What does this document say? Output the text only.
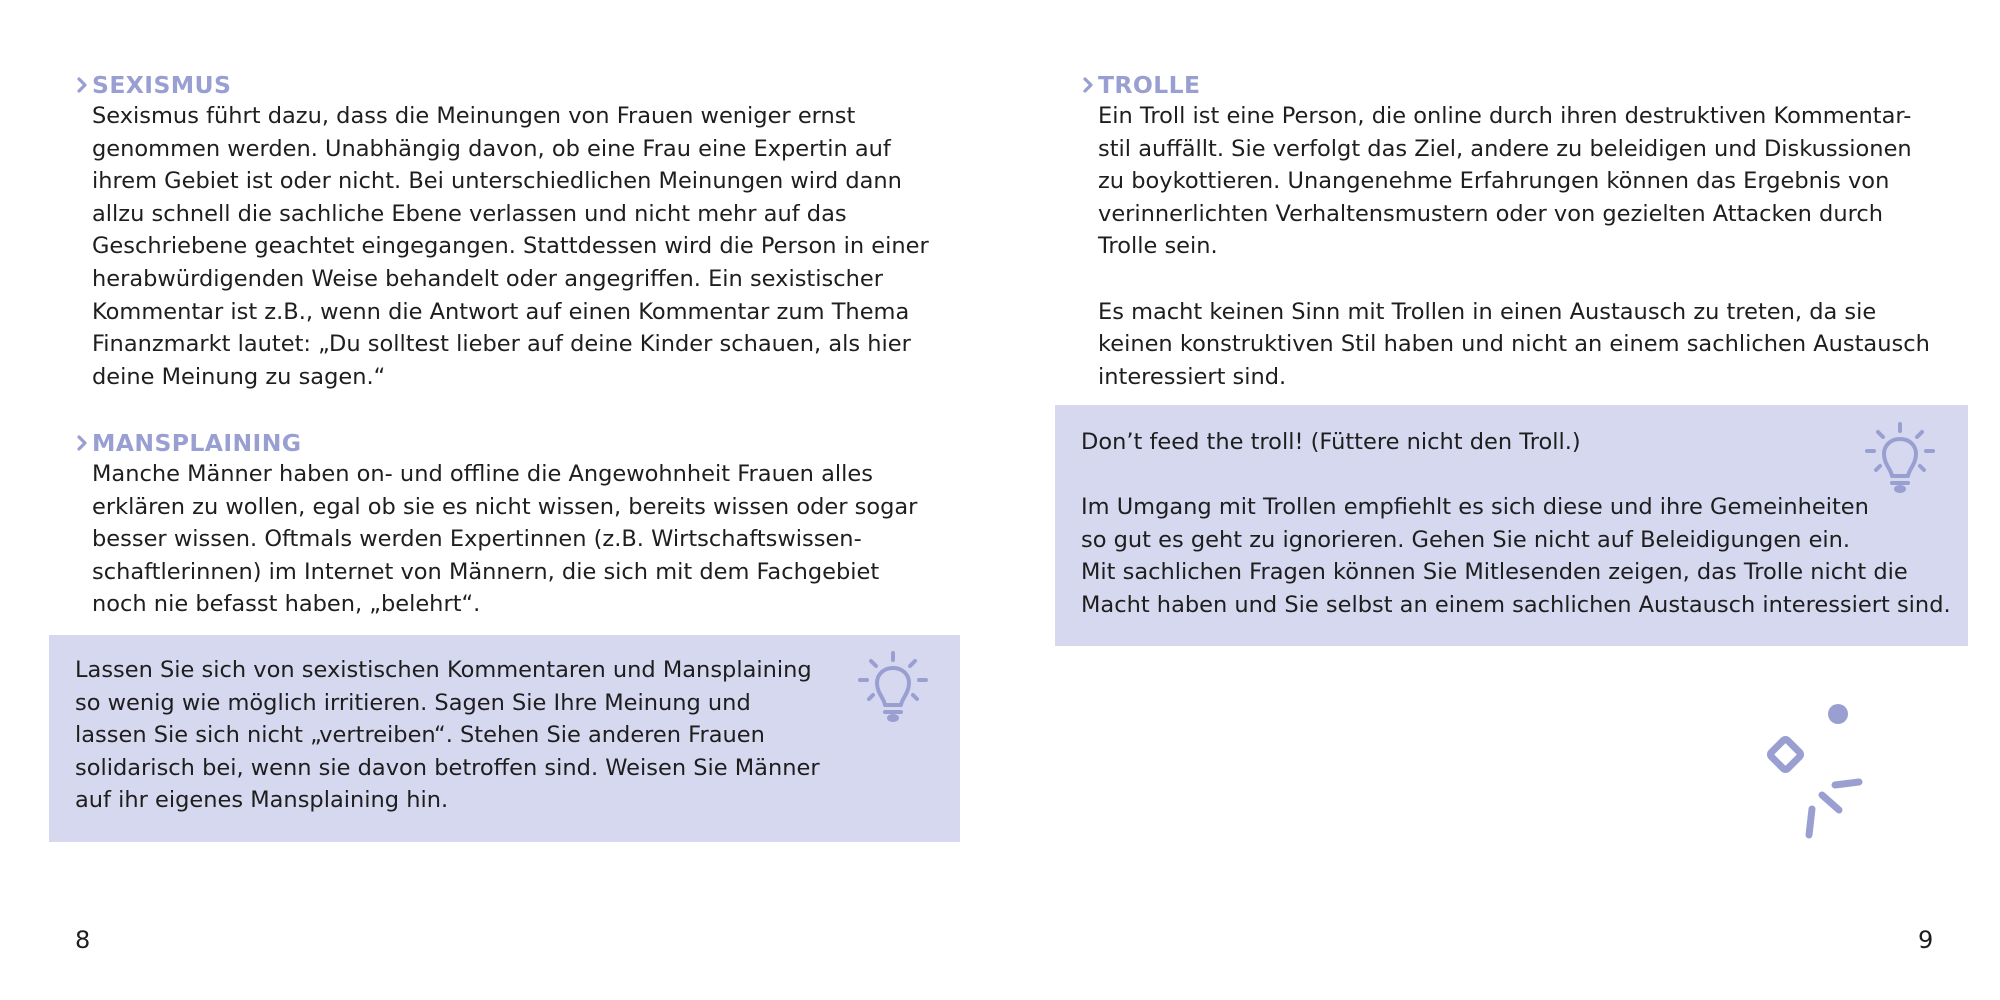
SEXISMUS

Sexismus führt dazu, dass die Meinungen von Frauen weniger ernst
genommen werden. Unabhängig davon, ob eine Frau eine Expertin auf
ihrem Gebiet ist oder nicht. Bei unterschiedlichen Meinungen wird dann
allzu schnell die sachliche Ebene verlassen und nicht mehr auf das
Geschriebene geachtet eingegangen. Stattdessen wird die Person in einer
herabwürdigenden Weise behandelt oder angegriffen. Ein sexistischer
Kommentar ist z.B., wenn die Antwort auf einen Kommentar zum Thema
Finanzmarkt lautet: „Du solltest lieber auf deine Kinder schauen, als hier
deine Meinung zu sagen.“

MANSPLAINING

Manche Männer haben on- und offline die Angewohnheit Frauen alles
erklären zu wollen, egal ob sie es nicht wissen, bereits wissen oder sogar
besser wissen. Oftmals werden Expertinnen (z.B. Wirtschaftswissen-
schaftlerinnen) im Internet von Männern, die sich mit dem Fachgebiet
noch nie befasst haben, „belehrt“.

Lassen Sie sich von sexistischen Kommentaren und Mansplaining
so wenig wie möglich irritieren. Sagen Sie Ihre Meinung und
lassen Sie sich nicht „vertreiben“. Stehen Sie anderen Frauen
solidarisch bei, wenn sie davon betroffen sind. Weisen Sie Männer
auf ihr eigenes Mansplaining hin.

8
TROLLE

Ein Troll ist eine Person, die online durch ihren destruktiven Kommentar-
stil auffällt. Sie verfolgt das Ziel, andere zu beleidigen und Diskussionen
zu boykottieren. Unangenehme Erfahrungen können das Ergebnis von
verinnerlichten Verhaltensmustern oder von gezielten Attacken durch
Trolle sein.

Es macht keinen Sinn mit Trollen in einen Austausch zu treten, da sie
keinen konstruktiven Stil haben und nicht an einem sachlichen Austausch
interessiert sind.

Don’t feed the troll! (Füttere nicht den Troll.)

Im Umgang mit Trollen empfiehlt es sich diese und ihre Gemeinheiten
so gut es geht zu ignorieren. Gehen Sie nicht auf Beleidigungen ein.
Mit sachlichen Fragen können Sie Mitlesenden zeigen, das Trolle nicht die
Macht haben und Sie selbst an einem sachlichen Austausch interessiert sind.

9
